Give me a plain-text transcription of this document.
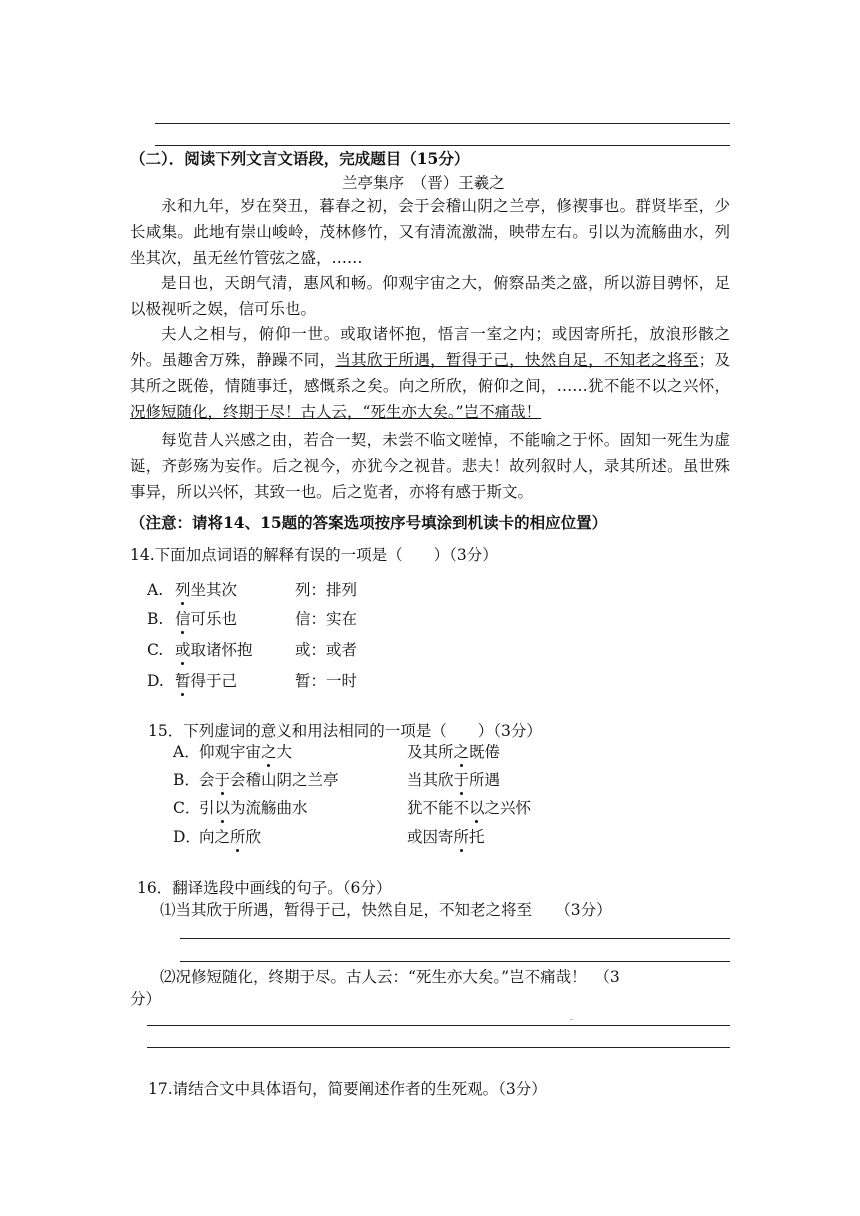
（二）．阅读下列文言文语段，完成题目（15分）
兰亭集序　（晋）王羲之

永和九年，岁在癸丑，暮春之初，会于会稽山阴之兰亭，修禊事也。群贤毕至，少长咸集。此地有崇山峻岭，茂林修竹，又有清流激湍，映带左右。引以为流觞曲水，列坐其次，虽无丝竹管弦之盛，……

是日也，天朗气清，惠风和畅。仰观宇宙之大，俯察品类之盛，所以游目骋怀，足以极视听之娱，信可乐也。

夫人之相与，俯仰一世。或取诸怀抱，悟言一室之内；或因寄所托，放浪形骸之外。虽趣舍万殊，静躁不同，当其欣于所遇，暂得于己，快然自足，不知老之将至；及其所之既倦，情随事迁，感慨系之矣。向之所欣，俯仰之间，……犹不能不以之兴怀，况修短随化，终期于尽！古人云，“死生亦大矣。”岂不痛哉！

每览昔人兴感之由，若合一契，未尝不临文嗟悼，不能喻之于怀。固知一死生为虚诞，齐彭殇为妄作。后之视今，亦犹今之视昔。悲夫！故列叙时人，录其所述。虽世殊事异，所以兴怀，其致一也。后之览者，亦将有感于斯文。

（注意：请将14、15题的答案选项按序号填涂到机读卡的相应位置）
14.下面加点词语的解释有误的一项是（　　）（3分）
A. 列坐其次	列：排列
B. 信可乐也	信：实在
C. 或取诸怀抱	或：或者
D. 暂得于己	暂：一时
15．下列虚词的意义和用法相同的一项是（　　）（3分）
A．仰观宇宙之大	及其所之既倦
B．会于会稽山阴之兰亭	当其欣于所遇
C．引以为流觞曲水	犹不能不以之兴怀
D．向之所欣	或因寄所托
16．翻译选段中画线的句子。（6分）
⑴当其欣于所遇，暂得于己，快然自足，不知老之将至　　（3分）
⑵况修短随化，终期于尽。古人云：“死生亦大矣。”岂不痛哉！　（3
分）
17.请结合文中具体语句，简要阐述作者的生死观。（3分）
